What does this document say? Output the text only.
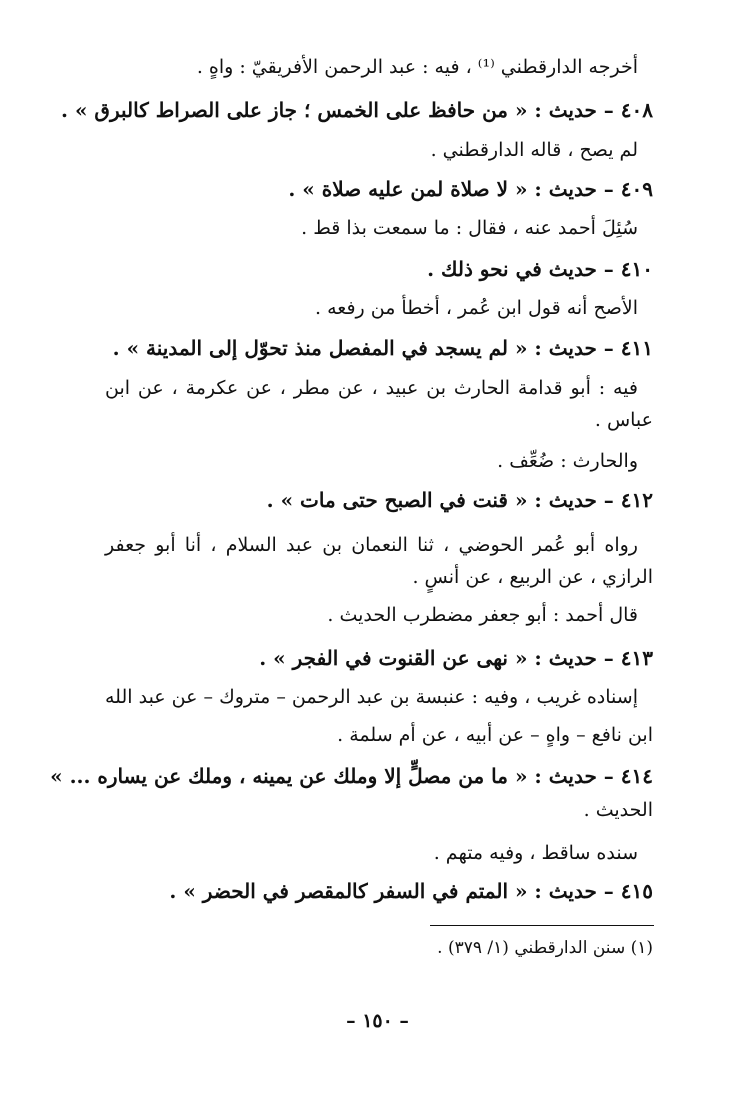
أخرجه الدارقطني ⁽¹⁾ ، فيه : عبد الرحمن الأفريقيّ : واهٍ .

٤٠٨ – حديث : « من حافظ على الخمس ؛ جاز على الصراط كالبرق » .

لم يصح ، قاله الدارقطني .

٤٠٩ – حديث : « لا صلاة لمن عليه صلاة » .

سُئِلَ أحمد عنه ، فقال : ما سمعت بذا قط .

٤١٠ – حديث في نحو ذلك .

الأصح أنه قول ابن عُمر ، أخطأ من رفعه .

٤١١ – حديث : « لم يسجد في المفصل منذ تحوّل إلى المدينة » .

فيه : أبو قدامة الحارث بن عبيد ، عن مطر ، عن عكرمة ، عن ابن

عباس .

والحارث : ضُعِّف .

٤١٢ – حديث : « قنت في الصبح حتى مات » .

رواه أبو عُمر الحوضي ، ثنا النعمان بن عبد السلام ، أنا أبو جعفر

الرازي ، عن الربيع ، عن أنسٍ .

قال أحمد : أبو جعفر مضطرب الحديث .

٤١٣ – حديث : « نهى عن القنوت في الفجر » .

إسناده غريب ، وفيه : عنبسة بن عبد الرحمن – متروك – عن عبد الله

ابن نافع – واهٍ – عن أبيه ، عن أم سلمة .

٤١٤ – حديث : « ما من مصلٍّ إلا وملك عن يمينه ، وملك عن يساره ... »

الحديث .

سنده ساقط ، وفيه متهم .

٤١٥ – حديث : « المتم في السفر كالمقصر في الحضر » .

(١) سنن الدارقطني (١/ ٣٧٩) .

– ١٥٠ –
